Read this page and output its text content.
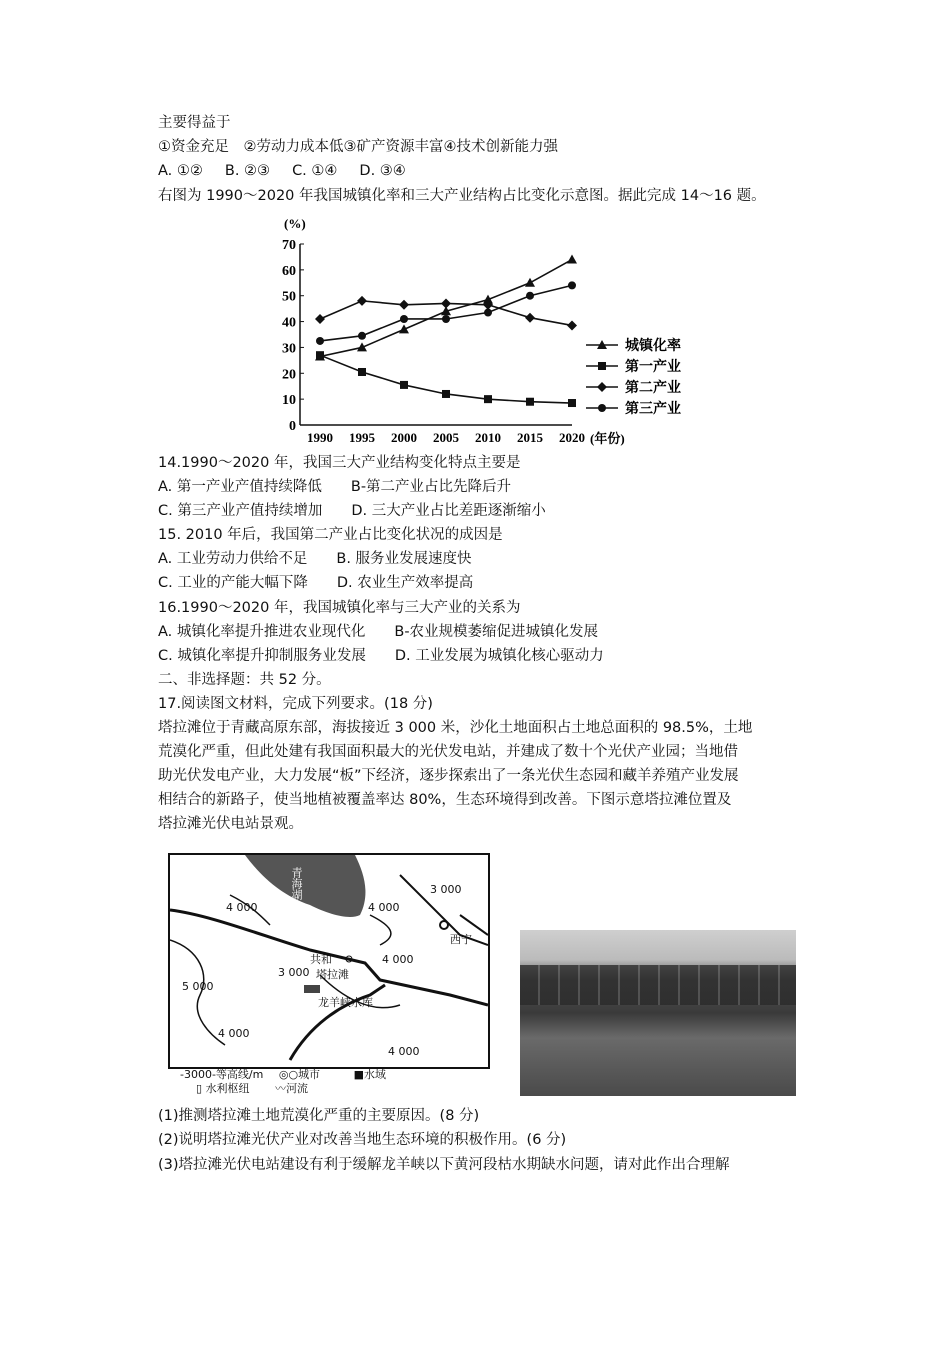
主要得益于
①资金充足　②劳动力成本低③矿产资源丰富④技术创新能力强
A. ①② B. ②③ C. ①④ D. ③④
右图为 1990～2020 年我国城镇化率和三大产业结构占比变化示意图。据此完成 14～16 题。
(%)
0
10
20
30
40
50
60
70
1990 1995 2000 2005 2010 2015 2020 (年份)
城镇化率
第一产业
第二产业
第三产业
14.1990～2020 年，我国三大产业结构变化特点主要是
A. 第一产业产值持续降低　　B-第二产业占比先降后升
C. 第三产业产值持续增加　　D. 三大产业占比差距逐渐缩小
15. 2010 年后，我国第二产业占比变化状况的成因是
A. 工业劳动力供给不足　　B. 服务业发展速度快
C. 工业的产能大幅下降　　D. 农业生产效率提高
16.1990～2020 年，我国城镇化率与三大产业的关系为
A. 城镇化率提升推进农业现代化　　B-农业规模萎缩促进城镇化发展
C. 城镇化率提升抑制服务业发展　　D. 工业发展为城镇化核心驱动力
二、非选择题：共 52 分。
17.阅读图文材料，完成下列要求。(18 分)
塔拉滩位于青藏高原东部，海拔接近 3 000 米，沙化土地面积占土地总面积的 98.5%，土地
荒漠化严重，但此处建有我国面积最大的光伏发电站，并建成了数十个光伏产业园；当地借
助光伏发电产业，大力发展“板”下经济，逐步探索出了一条光伏生态园和藏羊养殖产业发展
相结合的新路子，使当地植被覆盖率达 80%，生态环境得到改善。下图示意塔拉滩位置及
塔拉滩光伏电站景观。
青海湖	3 000
4 000	4 000
4 000
5 000
4 000
4 000
3 000
西宁
共和
塔拉滩
龙羊峡水库
-3000-等高线/m ◎○城市	■水域
▯ 水利枢纽 〰河流
(1)推测塔拉滩土地荒漠化严重的主要原因。(8 分)
(2)说明塔拉滩光伏产业对改善当地生态环境的积极作用。(6 分)
(3)塔拉滩光伏电站建设有利于缓解龙羊峡以下黄河段枯水期缺水问题，请对此作出合理解
